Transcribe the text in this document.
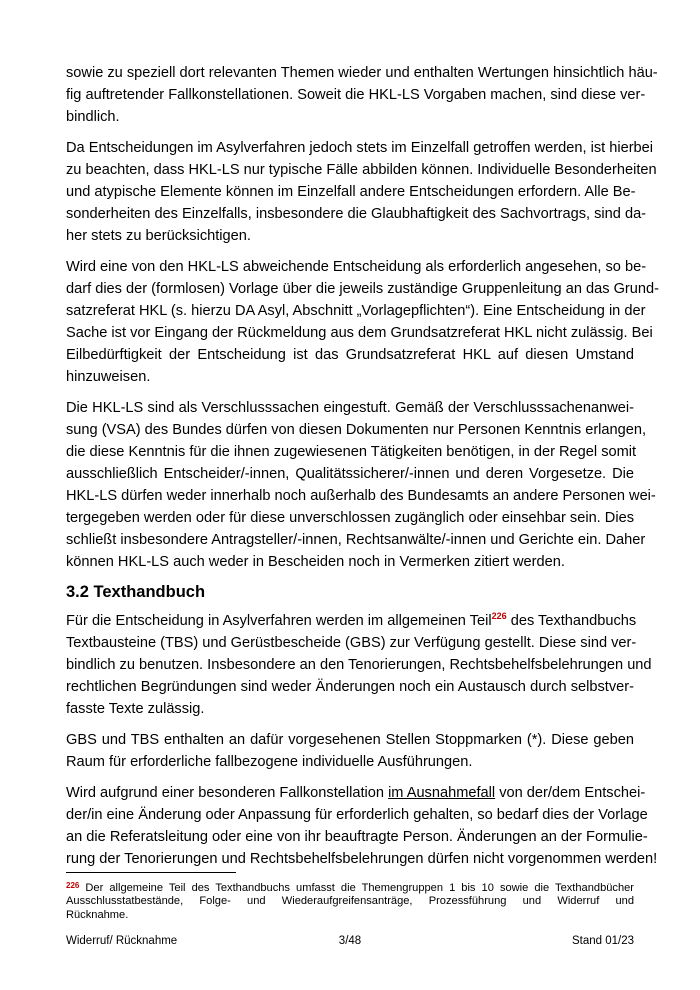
sowie zu speziell dort relevanten Themen wieder und enthalten Wertungen hinsichtlich häu-
fig auftretender Fallkonstellationen. Soweit die HKL-LS Vorgaben machen, sind diese ver-
bindlich.
Da Entscheidungen im Asylverfahren jedoch stets im Einzelfall getroffen werden, ist hierbei
zu beachten, dass HKL-LS nur typische Fälle abbilden können. Individuelle Besonderheiten
und atypische Elemente können im Einzelfall andere Entscheidungen erfordern. Alle Be-
sonderheiten des Einzelfalls, insbesondere die Glaubhaftigkeit des Sachvortrags, sind da-
her stets zu berücksichtigen.
Wird eine von den HKL-LS abweichende Entscheidung als erforderlich angesehen, so be-
darf dies der (formlosen) Vorlage über die jeweils zuständige Gruppenleitung an das Grund-
satzreferat HKL (s. hierzu DA Asyl, Abschnitt „Vorlagepflichten“). Eine Entscheidung in der
Sache ist vor Eingang der Rückmeldung aus dem Grundsatzreferat HKL nicht zulässig. Bei
Eilbedürftigkeit der Entscheidung ist das Grundsatzreferat HKL auf diesen Umstand
hinzuweisen.
Die HKL-LS sind als Verschlusssachen eingestuft. Gemäß der Verschlusssachenanwei-
sung (VSA) des Bundes dürfen von diesen Dokumenten nur Personen Kenntnis erlangen,
die diese Kenntnis für die ihnen zugewiesenen Tätigkeiten benötigen, in der Regel somit
ausschließlich Entscheider/-innen, Qualitätssicherer/-innen und deren Vorgesetze. Die
HKL-LS dürfen weder innerhalb noch außerhalb des Bundesamts an andere Personen wei-
tergegeben werden oder für diese unverschlossen zugänglich oder einsehbar sein. Dies
schließt insbesondere Antragsteller/-innen, Rechtsanwälte/-innen und Gerichte ein. Daher
können HKL-LS auch weder in Bescheiden noch in Vermerken zitiert werden.
3.2 Texthandbuch
Für die Entscheidung in Asylverfahren werden im allgemeinen Teil$^{226}$ des Texthandbuchs
Textbausteine (TBS) und Gerüstbescheide (GBS) zur Verfügung gestellt. Diese sind ver-
bindlich zu benutzen. Insbesondere an den Tenorierungen, Rechtsbehelfsbelehrungen und
rechtlichen Begründungen sind weder Änderungen noch ein Austausch durch selbstver-
fasste Texte zulässig.
GBS und TBS enthalten an dafür vorgesehenen Stellen Stoppmarken (*). Diese geben
Raum für erforderliche fallbezogene individuelle Ausführungen.
Wird aufgrund einer besonderen Fallkonstellation im Ausnahmefall von der/dem Entschei-
der/in eine Änderung oder Anpassung für erforderlich gehalten, so bedarf dies der Vorlage
an die Referatsleitung oder eine von ihr beauftragte Person. Änderungen an der Formulie-
rung der Tenorierungen und Rechtsbehelfsbelehrungen dürfen nicht vorgenommen werden!
$^{226}$ Der allgemeine Teil des Texthandbuchs umfasst die Themengruppen 1 bis 10 sowie die Texthandbücher
Ausschlusstatbestände, Folge- und Wiederaufgreifensanträge, Prozessführung und Widerruf und
Rücknahme.
Widerruf/ Rücknahme	3/48	Stand 01/23
